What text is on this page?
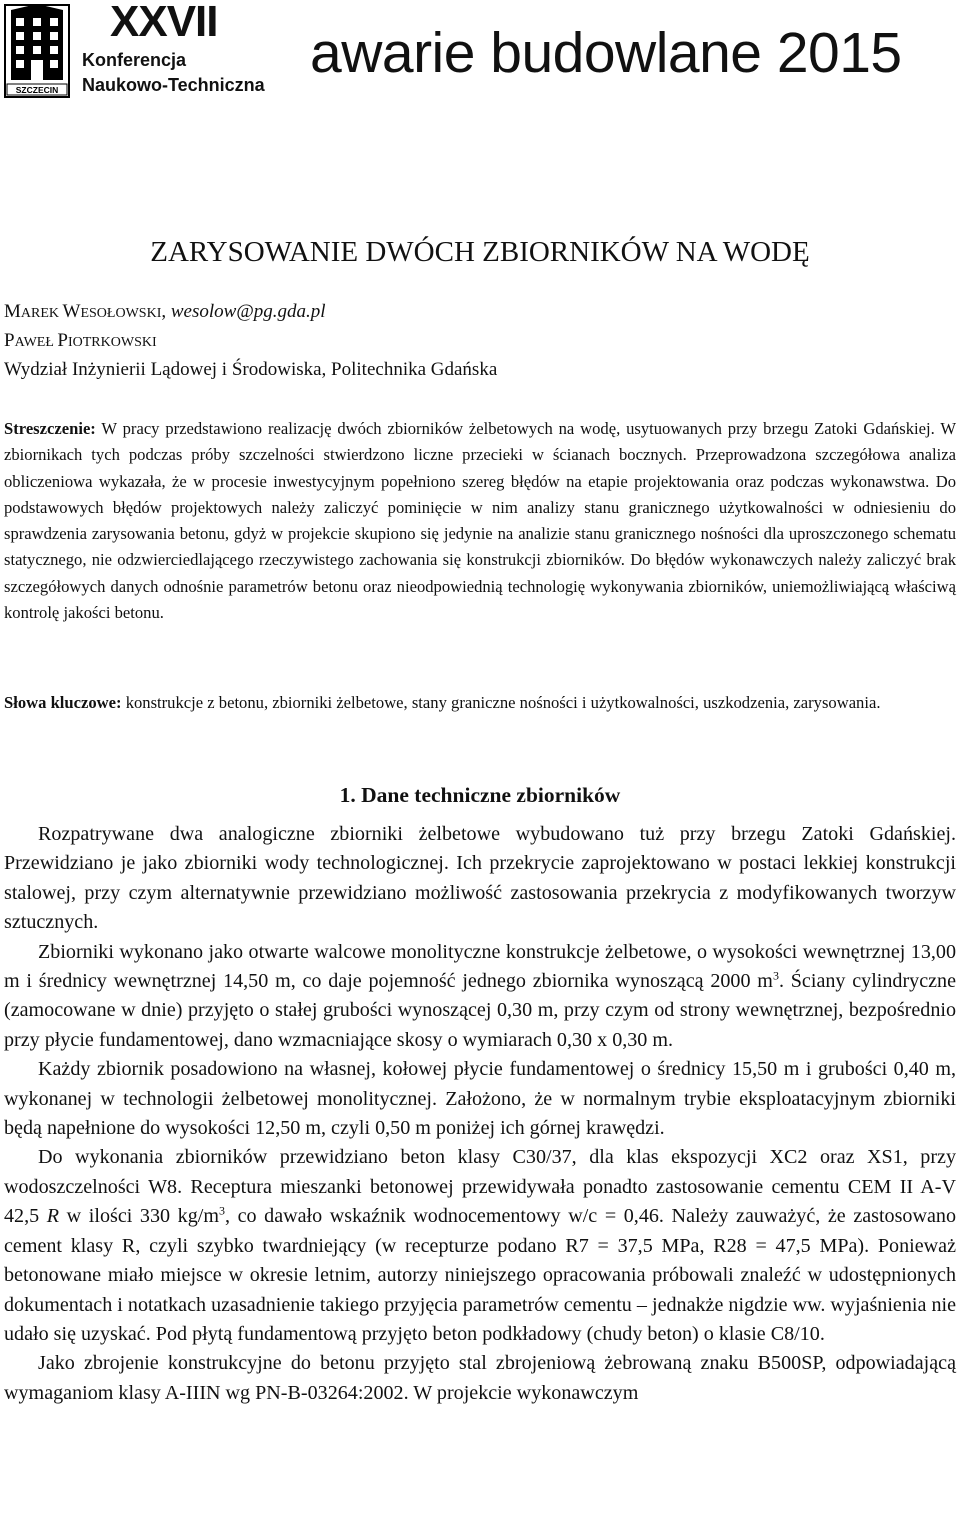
SZCZECIN
XXVII
Konferencja
Naukowo-Techniczna awarie budowlane 2015
ZARYSOWANIE DWÓCH ZBIORNIKÓW NA WODĘ
MAREK WESOŁOWSKI, wesolow@pg.gda.pl
PAWEŁ PIOTRKOWSKI
Wydział Inżynierii Lądowej i Środowiska, Politechnika Gdańska

Streszczenie: W pracy przedstawiono realizację dwóch zbiorników żelbetowych na wodę, usytuowanych przy brzegu Zatoki Gdańskiej. W zbiornikach tych podczas próby szczelności stwierdzono liczne przecieki w ścianach bocznych. Przeprowadzona szczegółowa analiza obliczeniowa wykazała, że w procesie inwestycyjnym popełniono szereg błędów na etapie projektowania oraz podczas wykonawstwa. Do podstawowych błędów projektowych należy zaliczyć pominięcie w nim analizy stanu granicznego użytkowalności w odniesieniu do sprawdzenia zarysowania betonu, gdyż w projekcie skupiono się jedynie na analizie stanu granicznego nośności dla uproszczonego schematu statycznego, nie odzwierciedlającego rzeczywistego zachowania się konstrukcji zbiorników. Do błędów wykonawczych należy zaliczyć brak szczegółowych danych odnośnie parametrów betonu oraz nieodpowiednią technologię wykonywania zbiorników, uniemożliwiającą właściwą kontrolę jakości betonu.

Słowa kluczowe: konstrukcje z betonu, zbiorniki żelbetowe, stany graniczne nośności i użytkowalności, uszkodzenia, zarysowania.

1. Dane techniczne zbiorników

Rozpatrywane dwa analogiczne zbiorniki żelbetowe wybudowano tuż przy brzegu Zatoki Gdańskiej. Przewidziano je jako zbiorniki wody technologicznej. Ich przekrycie zaprojektowano w postaci lekkiej konstrukcji stalowej, przy czym alternatywnie przewidziano możliwość zastosowania przekrycia z modyfikowanych tworzyw sztucznych.

Zbiorniki wykonano jako otwarte walcowe monolityczne konstrukcje żelbetowe, o wysokości wewnętrznej 13,00 m i średnicy wewnętrznej 14,50 m, co daje pojemność jednego zbiornika wynoszącą 2000 $m^3$. Ściany cylindryczne (zamocowane w dnie) przyjęto o stałej grubości wynoszącej 0,30 m, przy czym od strony wewnętrznej, bezpośrednio przy płycie fundamentowej, dano wzmacniające skosy o wymiarach 0,30 x 0,30 m.

Każdy zbiornik posadowiono na własnej, kołowej płycie fundamentowej o średnicy 15,50 m i grubości 0,40 m, wykonanej w technologii żelbetowej monolitycznej. Założono, że w normalnym trybie eksploatacyjnym zbiorniki będą napełnione do wysokości 12,50 m, czyli 0,50 m poniżej ich górnej krawędzi.

Do wykonania zbiorników przewidziano beton klasy C30/37, dla klas ekspozycji XC2 oraz XS1, przy wodoszczelności W8. Receptura mieszanki betonowej przewidywała ponadto zastosowanie cementu CEM II A-V 42,5 R w ilości 330 $kg/m^3$, co dawało wskaźnik wodnocementowy w/c = 0,46. Należy zauważyć, że zastosowano cement klasy R, czyli szybko twardniejący (w recepturze podano R7 = 37,5 MPa, R28 = 47,5 MPa). Ponieważ betonowane miało miejsce w okresie letnim, autorzy niniejszego opracowania próbowali znaleźć w udostępnionych dokumentach i notatkach uzasadnienie takiego przyjęcia parametrów cementu – jednakże nigdzie ww. wyjaśnienia nie udało się uzyskać. Pod płytą fundamentową przyjęto beton podkładowy (chudy beton) o klasie C8/10.

Jako zbrojenie konstrukcyjne do betonu przyjęto stal zbrojeniową żebrowaną znaku B500SP, odpowiadającą wymaganiom klasy A-IIIN wg PN-B-03264:2002. W projekcie wykonawczym
